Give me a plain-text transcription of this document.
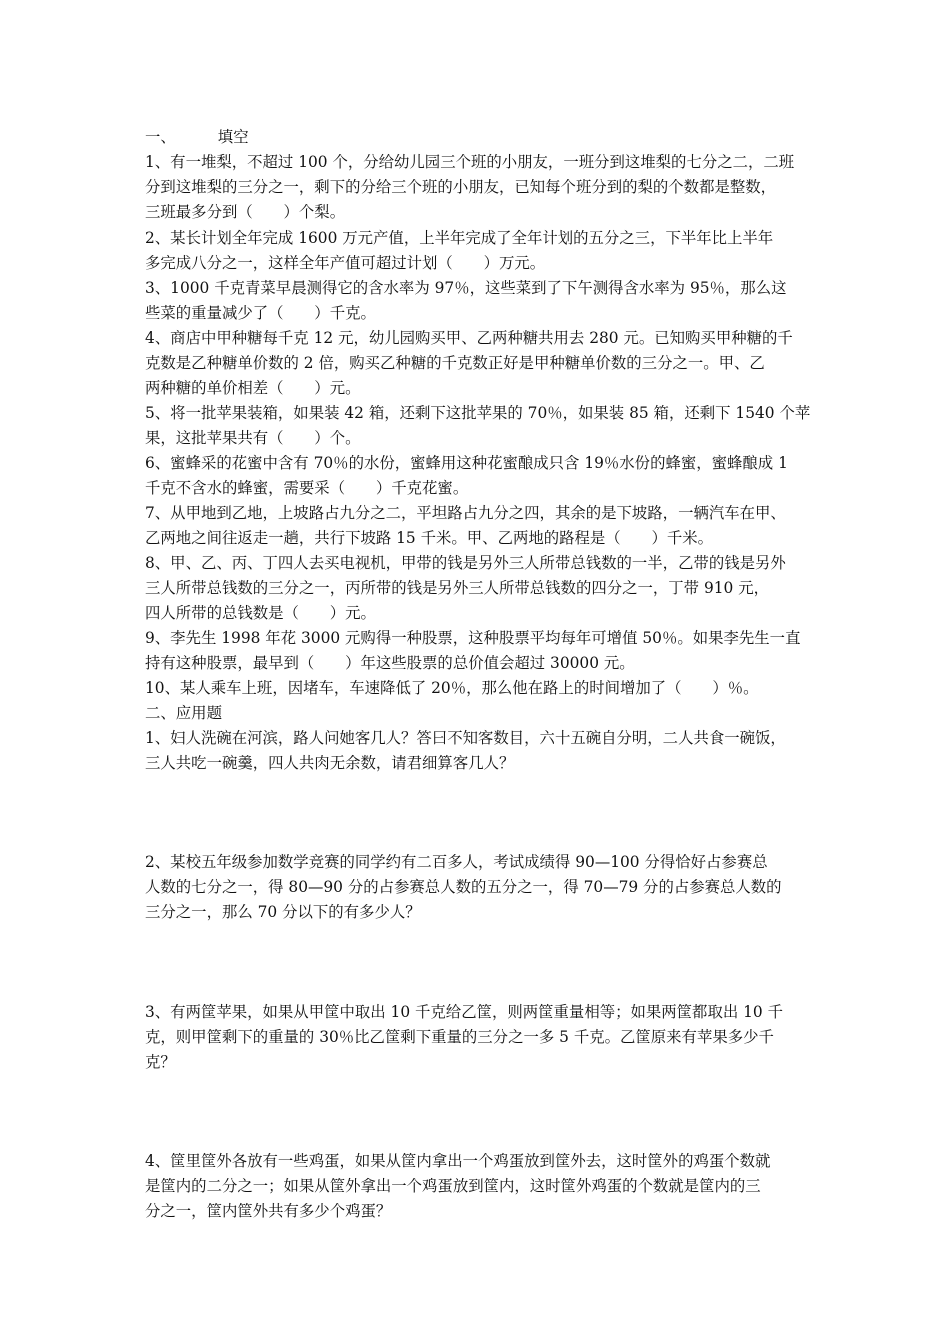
一、	填空
1、有一堆梨，不超过 100 个，分给幼儿园三个班的小朋友，一班分到这堆梨的七分之二，二班
分到这堆梨的三分之一，剩下的分给三个班的小朋友，已知每个班分到的梨的个数都是整数，
三班最多分到（　　）个梨。
2、某长计划全年完成 1600 万元产值，上半年完成了全年计划的五分之三，下半年比上半年
多完成八分之一，这样全年产值可超过计划（　　）万元。
3、1000 千克青菜早晨测得它的含水率为 97％，这些菜到了下午测得含水率为 95％，那么这
些菜的重量减少了（　　）千克。
4、商店中甲种糖每千克 12 元，幼儿园购买甲、乙两种糖共用去 280 元。已知购买甲种糖的千
克数是乙种糖单价数的 2 倍，购买乙种糖的千克数正好是甲种糖单价数的三分之一。甲、乙
两种糖的单价相差（　　）元。
5、将一批苹果装箱，如果装 42 箱，还剩下这批苹果的 70％，如果装 85 箱，还剩下 1540 个苹
果，这批苹果共有（　　）个。
6、蜜蜂采的花蜜中含有 70％的水份，蜜蜂用这种花蜜酿成只含 19％水份的蜂蜜，蜜蜂酿成 1
千克不含水的蜂蜜，需要采（　　）千克花蜜。
7、从甲地到乙地，上坡路占九分之二，平坦路占九分之四，其余的是下坡路，一辆汽车在甲、
乙两地之间往返走一趟，共行下坡路 15 千米。甲、乙两地的路程是（　　）千米。
8、甲、乙、丙、丁四人去买电视机，甲带的钱是另外三人所带总钱数的一半，乙带的钱是另外
三人所带总钱数的三分之一，丙所带的钱是另外三人所带总钱数的四分之一，丁带 910 元，
四人所带的总钱数是（　　）元。
9、李先生 1998 年花 3000 元购得一种股票，这种股票平均每年可增值 50％。如果李先生一直
持有这种股票，最早到（　　）年这些股票的总价值会超过 30000 元。
10、某人乘车上班，因堵车，车速降低了 20％，那么他在路上的时间增加了（　　）％。
二、应用题
1、妇人洗碗在河滨，路人问她客几人？答曰不知客数目，六十五碗自分明，二人共食一碗饭，
三人共吃一碗羹，四人共肉无余数，请君细算客几人？
2、某校五年级参加数学竞赛的同学约有二百多人，考试成绩得 90—100 分得恰好占参赛总
人数的七分之一，得 80—90 分的占参赛总人数的五分之一，得 70—79 分的占参赛总人数的
三分之一，那么 70 分以下的有多少人？
3、有两筐苹果，如果从甲筐中取出 10 千克给乙筐，则两筐重量相等；如果两筐都取出 10 千
克，则甲筐剩下的重量的 30％比乙筐剩下重量的三分之一多 5 千克。乙筐原来有苹果多少千
克？
4、筐里筐外各放有一些鸡蛋，如果从筐内拿出一个鸡蛋放到筐外去，这时筐外的鸡蛋个数就
是筐内的二分之一；如果从筐外拿出一个鸡蛋放到筐内，这时筐外鸡蛋的个数就是筐内的三
分之一，筐内筐外共有多少个鸡蛋？
